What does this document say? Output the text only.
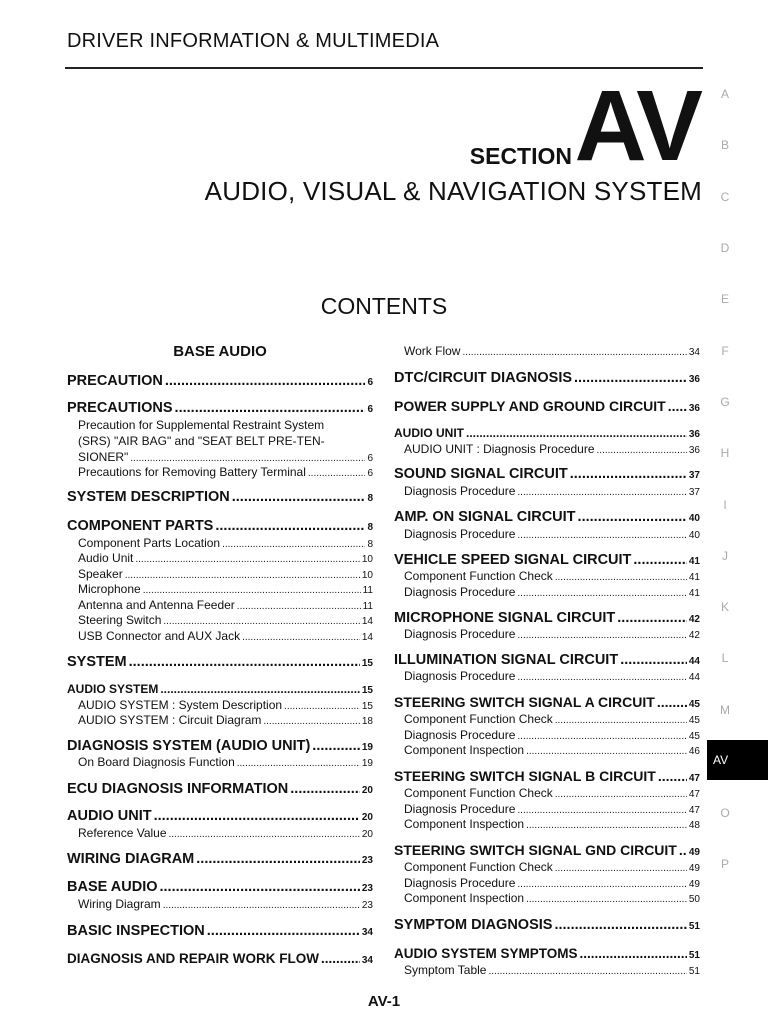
DRIVER INFORMATION & MULTIMEDIA
SECTION AV
AUDIO, VISUAL & NAVIGATION SYSTEM
CONTENTS
BASE AUDIO
PRECAUTION .....	6
PRECAUTIONS .....	6
Precaution for Supplemental Restraint System
(SRS) "AIR BAG" and "SEAT BELT PRE-TEN-
SIONER" .....	6
Precautions for Removing Battery Terminal .....	6
SYSTEM DESCRIPTION .....	8
COMPONENT PARTS .....	8
Component Parts Location .....	8
Audio Unit .....	10
Speaker .....	10
Microphone .....	11
Antenna and Antenna Feeder .....	11
Steering Switch .....	14
USB Connector and AUX Jack .....	14
SYSTEM .....	15
AUDIO SYSTEM .....	15
AUDIO SYSTEM : System Description .....	15
AUDIO SYSTEM : Circuit Diagram .....	18
DIAGNOSIS SYSTEM (AUDIO UNIT) .....	19
On Board Diagnosis Function .....	19
ECU DIAGNOSIS INFORMATION .....	20
AUDIO UNIT .....	20
Reference Value .....	20
WIRING DIAGRAM .....	23
BASE AUDIO .....	23
Wiring Diagram .....	23
BASIC INSPECTION .....	34
DIAGNOSIS AND REPAIR WORK FLOW .....	34
Work Flow .....	34
DTC/CIRCUIT DIAGNOSIS .....	36
POWER SUPPLY AND GROUND CIRCUIT ..... 36
AUDIO UNIT .....	36
AUDIO UNIT : Diagnosis Procedure .....	36
SOUND SIGNAL CIRCUIT .....	37
Diagnosis Procedure .....	37
AMP. ON SIGNAL CIRCUIT .....	40
Diagnosis Procedure .....	40
VEHICLE SPEED SIGNAL CIRCUIT .....	41
Component Function Check .....	41
Diagnosis Procedure .....	41
MICROPHONE SIGNAL CIRCUIT .....	42
Diagnosis Procedure .....	42
ILLUMINATION SIGNAL CIRCUIT .....	44
Diagnosis Procedure .....	44
STEERING SWITCH SIGNAL A CIRCUIT .....	45
Component Function Check .....	45
Diagnosis Procedure .....	45
Component Inspection .....	46
STEERING SWITCH SIGNAL B CIRCUIT .....	47
Component Function Check .....	47
Diagnosis Procedure .....	47
Component Inspection .....	48
STEERING SWITCH SIGNAL GND CIRCUIT ..... 49
Component Function Check .....	49
Diagnosis Procedure .....	49
Component Inspection .....	50
SYMPTOM DIAGNOSIS .....	51
AUDIO SYSTEM SYMPTOMS .....	51
Symptom Table .....	51
A
B
C
D
E
F
G
H
I
J
K
L
M
AV
O
P
AV-1
